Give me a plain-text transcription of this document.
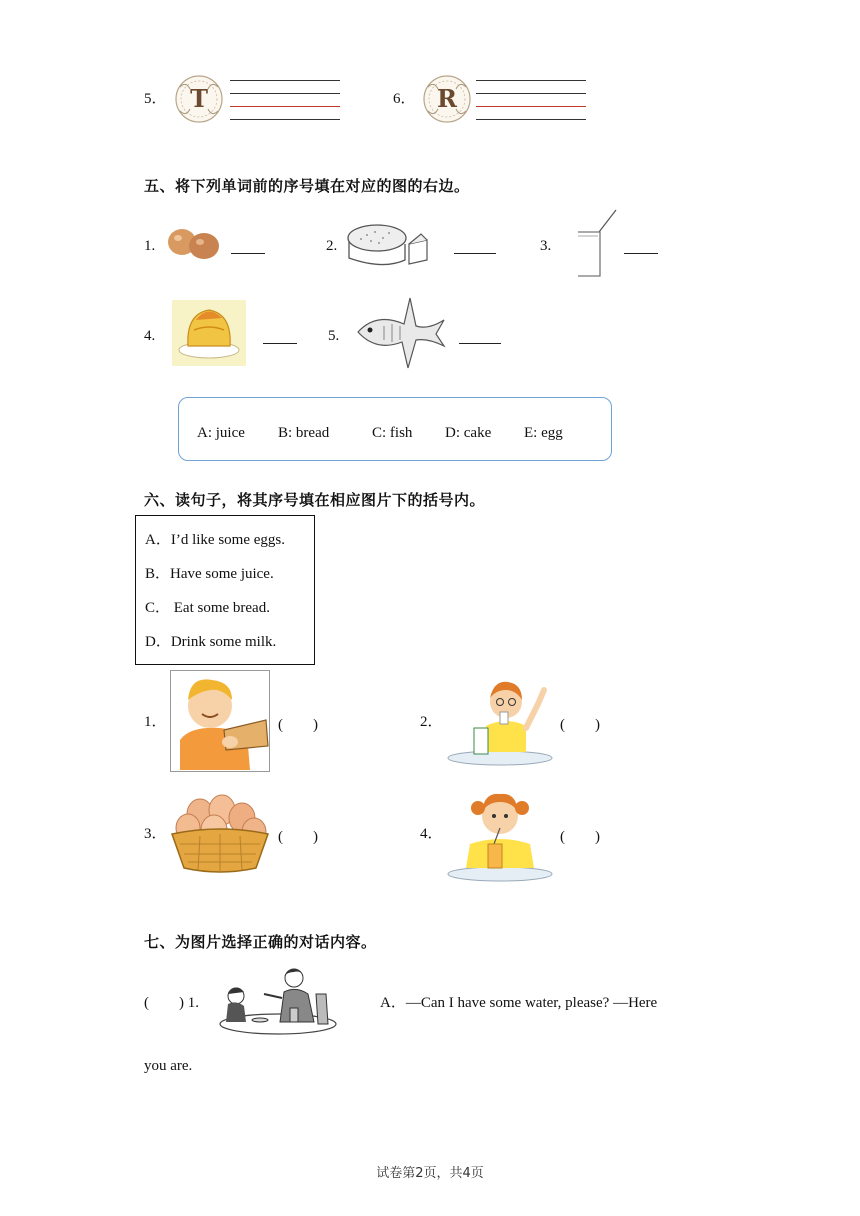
5． T	6． R
五、将下列单词前的序号填在对应的图的右边。
1.	2.	3.
4.	5.
A: juice B: bread	C: fish D: cake E: egg
六、读句子，将其序号填在相应图片下的括号内。
A．I’d like some eggs.
B．Have some juice.
C． Eat some bread.
D．Drink some milk.
1．	(　　)	2．	(　　)
3．	(　　)	4．	(　　)
七、为图片选择正确的对话内容。
(　　) 1.	A．—Can I have some water, please? —Here
you are.
试卷第2页，共4页
